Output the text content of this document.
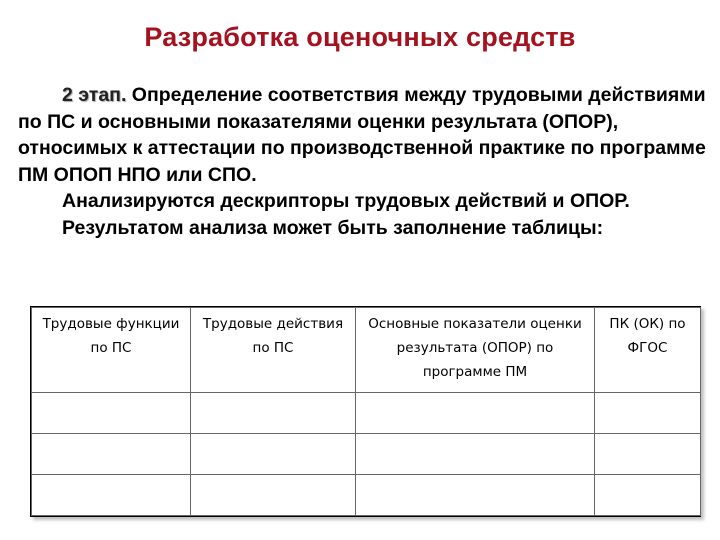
Разработка оценочных средств

2 этап. Определение соответствия между трудовыми действиями по ПС и основными показателями оценки результата (ОПОР), относимых к аттестации по производственной практике по программе ПМ ОПОП НПО или СПО.

Анализируются дескрипторы трудовых действий и ОПОР.

Результатом анализа может быть заполнение таблицы:

Трудовые функции по ПС	Трудовые действия по ПС	Основные показатели оценки результата (ОПОР) по программе ПМ	ПК (ОК) по ФГОС
